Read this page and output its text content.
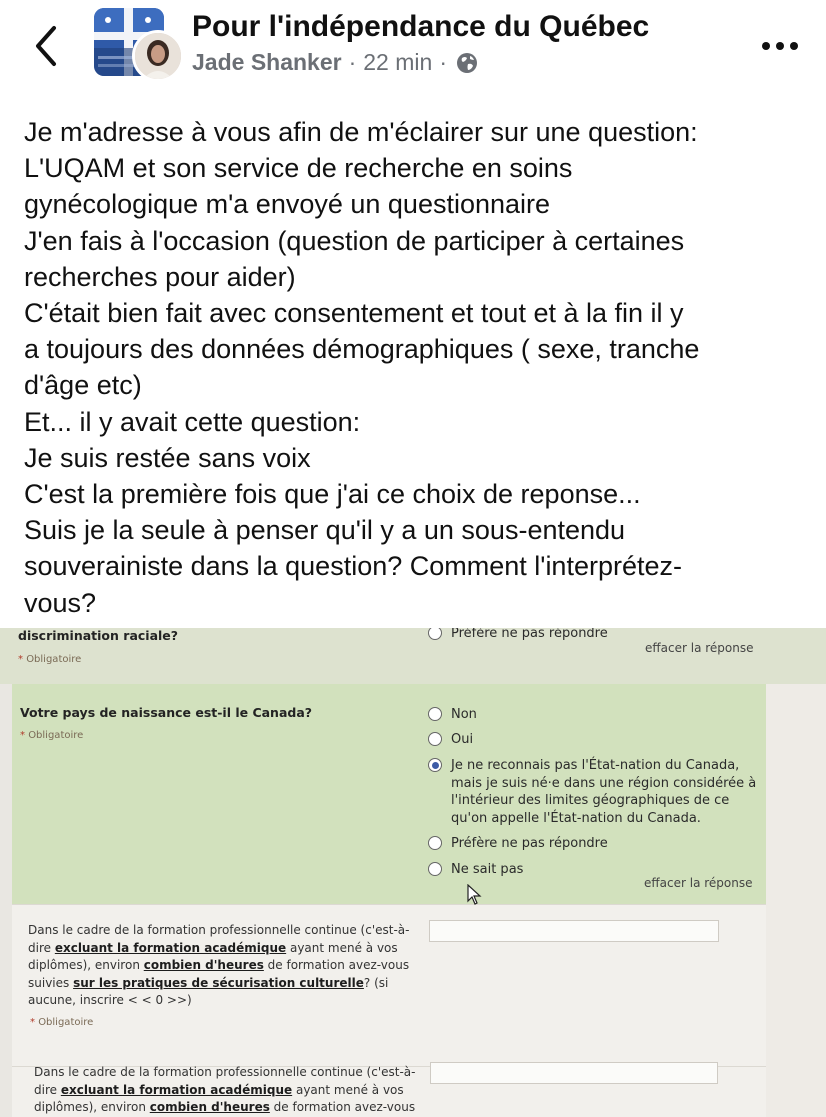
Pour l'indépendance du Québec
Jade Shanker · 22 min ·
Je m'adresse à vous afin de m'éclairer sur une question:
L'UQAM et son service de recherche en soins
gynécologique m'a envoyé un questionnaire
J'en fais à l'occasion (question de participer à certaines
recherches pour aider)
C'était bien fait avec consentement et tout et à la fin il y
a toujours des données démographiques ( sexe, tranche
d'âge etc)
Et... il y avait cette question:
Je suis restée sans voix
C'est la première fois que j'ai ce choix de reponse...
Suis je la seule à penser qu'il y a un sous-entendu
souverainiste dans la question? Comment l'interprétez-
vous?
discrimination raciale?
* Obligatoire
Préfère ne pas répondre
effacer la réponse
Votre pays de naissance est-il le Canada?
* Obligatoire
Non
Oui
Je ne reconnais pas l'État-nation du Canada,
mais je suis né·e dans une région considérée à
l'intérieur des limites géographiques de ce
qu'on appelle l'État-nation du Canada.
Préfère ne pas répondre
Ne sait pas
effacer la réponse
Dans le cadre de la formation professionnelle continue (c'est-à-
dire excluant la formation académique ayant mené à vos
diplômes), environ combien d'heures de formation avez-vous
suivies sur les pratiques de sécurisation culturelle? (si
aucune, inscrire < < 0 >>)
* Obligatoire
Dans le cadre de la formation professionnelle continue (c'est-à-
dire excluant la formation académique ayant mené à vos
diplômes), environ combien d'heures de formation avez-vous
